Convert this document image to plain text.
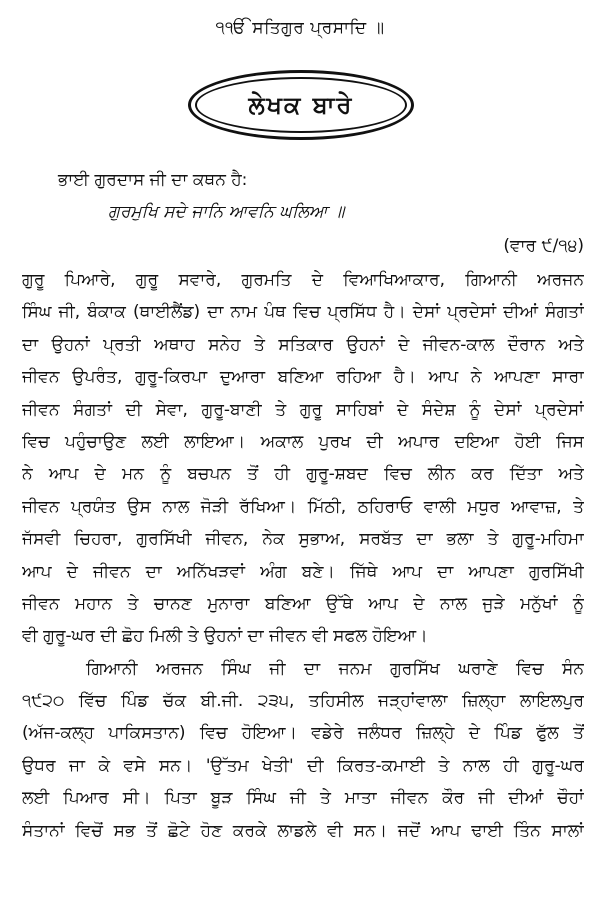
੧ੴ ਸਤਿਗੁਰ ਪ੍ਰਸਾਦਿ ॥
ਲੇਖਕ ਬਾਰੇ
ਭਾਈ ਗੁਰਦਾਸ ਜੀ ਦਾ ਕਥਨ ਹੈ:
ਗੁਰਮੁਖਿ ਸਦੇ ਜਾਨਿ ਆਵਨਿ ਘਲਿਆ ॥
(ਵਾਰ ੯/੧੪)
ਗੁਰੂ ਪਿਆਰੇ, ਗੁਰੂ ਸਵਾਰੇ, ਗੁਰਮਤਿ ਦੇ ਵਿਆਖਿਆਕਾਰ, ਗਿਆਨੀ ਅਰਜਨ
ਸਿੰਘ ਜੀ, ਬੰਕਾਕ (ਥਾਈਲੈਂਡ) ਦਾ ਨਾਮ ਪੰਥ ਵਿਚ ਪ੍ਰਸਿੱਧ ਹੈ। ਦੇਸਾਂ ਪ੍ਰਦੇਸਾਂ ਦੀਆਂ ਸੰਗਤਾਂ
ਦਾ ਉਹਨਾਂ ਪ੍ਰਤੀ ਅਥਾਹ ਸਨੇਹ ਤੇ ਸਤਿਕਾਰ ਉਹਨਾਂ ਦੇ ਜੀਵਨ-ਕਾਲ ਦੌਰਾਨ ਅਤੇ
ਜੀਵਨ ਉਪਰੰਤ, ਗੁਰੂ-ਕਿਰਪਾ ਦੁਆਰਾ ਬਣਿਆ ਰਹਿਆ ਹੈ। ਆਪ ਨੇ ਆਪਣਾ ਸਾਰਾ
ਜੀਵਨ ਸੰਗਤਾਂ ਦੀ ਸੇਵਾ, ਗੁਰੂ-ਬਾਣੀ ਤੇ ਗੁਰੂ ਸਾਹਿਬਾਂ ਦੇ ਸੰਦੇਸ਼ ਨੂੰ ਦੇਸਾਂ ਪ੍ਰਦੇਸਾਂ
ਵਿਚ ਪਹੁੰਚਾਉਣ ਲਈ ਲਾਇਆ। ਅਕਾਲ ਪੁਰਖ ਦੀ ਅਪਾਰ ਦਇਆ ਹੋਈ ਜਿਸ
ਨੇ ਆਪ ਦੇ ਮਨ ਨੂੰ ਬਚਪਨ ਤੋਂ ਹੀ ਗੁਰੂ-ਸ਼ਬਦ ਵਿਚ ਲੀਨ ਕਰ ਦਿੱਤਾ ਅਤੇ
ਜੀਵਨ ਪ੍ਰਯੰਤ ਉਸ ਨਾਲ ਜੋੜੀ ਰੱਖਿਆ। ਮਿੱਠੀ, ਠਹਿਰਾਓ ਵਾਲੀ ਮਧੁਰ ਆਵਾਜ਼, ਤੇ
ਜੱਸਵੀ ਚਿਹਰਾ, ਗੁਰਸਿੱਖੀ ਜੀਵਨ, ਨੇਕ ਸੁਭਾਅ, ਸਰਬੱਤ ਦਾ ਭਲਾ ਤੇ ਗੁਰੂ-ਮਹਿਮਾ
ਆਪ ਦੇ ਜੀਵਨ ਦਾ ਅਨਿੱਖੜਵਾਂ ਅੰਗ ਬਣੇ। ਜਿੱਥੇ ਆਪ ਦਾ ਆਪਣਾ ਗੁਰਸਿੱਖੀ
ਜੀਵਨ ਮਹਾਨ ਤੇ ਚਾਨਣ ਮੁਨਾਰਾ ਬਣਿਆ ਉੱਥੇ ਆਪ ਦੇ ਨਾਲ ਜੁੜੇ ਮਨੁੱਖਾਂ ਨੂੰ
ਵੀ ਗੁਰੂ-ਘਰ ਦੀ ਛੋਹ ਮਿਲੀ ਤੇ ਉਹਨਾਂ ਦਾ ਜੀਵਨ ਵੀ ਸਫਲ ਹੋਇਆ।
ਗਿਆਨੀ ਅਰਜਨ ਸਿੰਘ ਜੀ ਦਾ ਜਨਮ ਗੁਰਸਿੱਖ ਘਰਾਣੇ ਵਿਚ ਸੰਨ
੧੯੨੦ ਵਿੱਚ ਪਿੰਡ ਚੱਕ ਬੀ.ਜੀ. ੨੩੫, ਤਹਿਸੀਲ ਜੜ੍ਹਾਂਵਾਲਾ ਜ਼ਿਲ੍ਹਾ ਲਾਇਲਪੁਰ
(ਅੱਜ-ਕਲ੍ਹ ਪਾਕਿਸਤਾਨ) ਵਿਚ ਹੋਇਆ। ਵਡੇਰੇ ਜਲੰਧਰ ਜ਼ਿਲ੍ਹੇ ਦੇ ਪਿੰਡ ਫੁੱਲ ਤੋਂ
ਉਧਰ ਜਾ ਕੇ ਵਸੇ ਸਨ। 'ਉੱਤਮ ਖੇਤੀ' ਦੀ ਕਿਰਤ-ਕਮਾਈ ਤੇ ਨਾਲ ਹੀ ਗੁਰੂ-ਘਰ
ਲਈ ਪਿਆਰ ਸੀ। ਪਿਤਾ ਬੂੜ ਸਿੰਘ ਜੀ ਤੇ ਮਾਤਾ ਜੀਵਨ ਕੌਰ ਜੀ ਦੀਆਂ ਚੌਹਾਂ
ਸੰਤਾਨਾਂ ਵਿਚੋਂ ਸਭ ਤੋਂ ਛੋਟੇ ਹੋਣ ਕਰਕੇ ਲਾਡਲੇ ਵੀ ਸਨ। ਜਦੋਂ ਆਪ ਢਾਈ ਤਿੰਨ ਸਾਲਾਂ
